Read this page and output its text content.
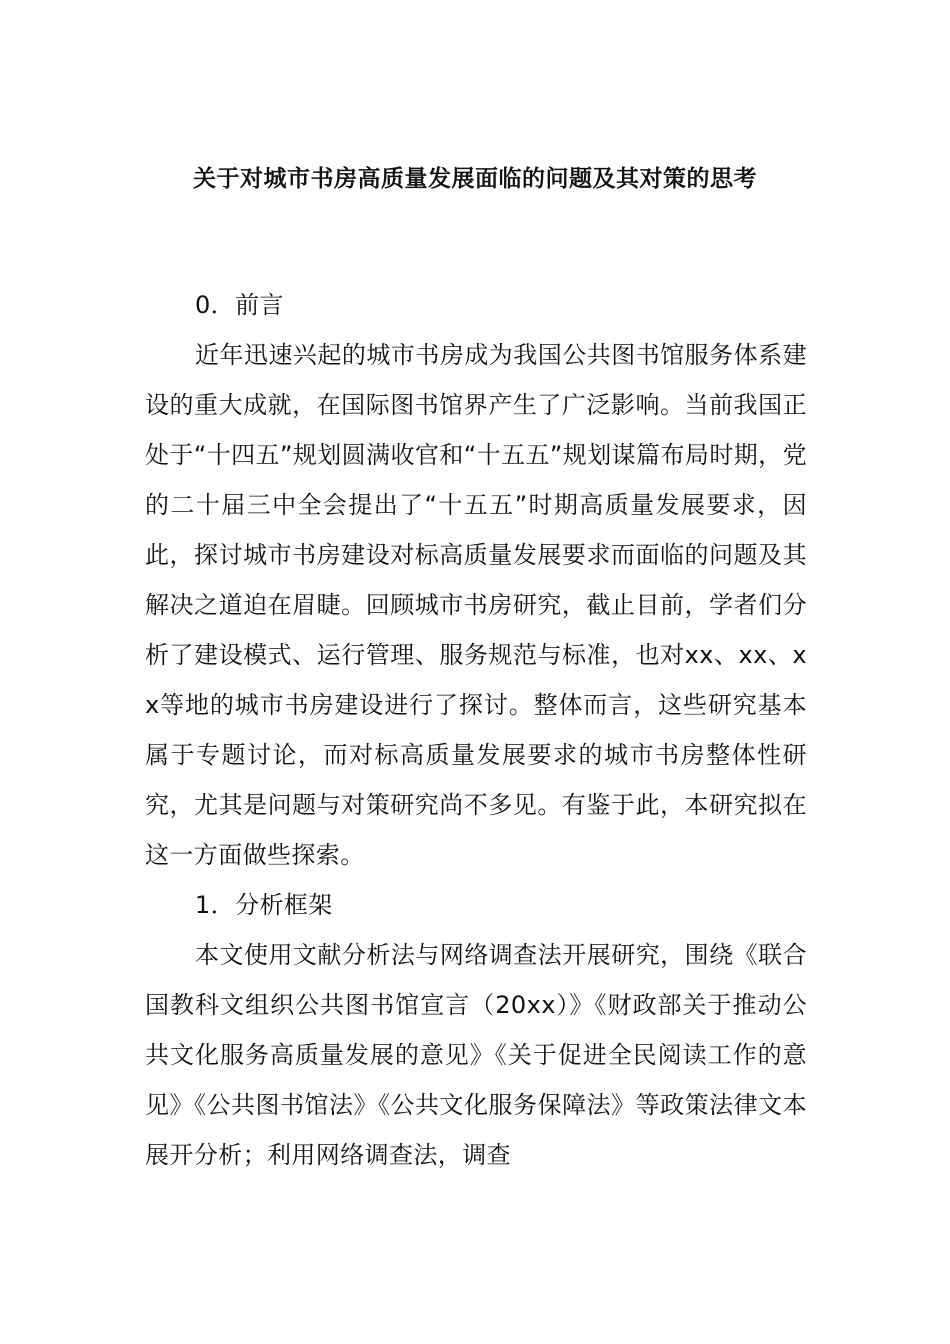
关于对城市书房高质量发展面临的问题及其对策的思考
0．前言

近年迅速兴起的城市书房成为我国公共图书馆服务体系建设的重大成就，在国际图书馆界产生了广泛影响。当前我国正处于“十四五”规划圆满收官和“十五五”规划谋篇布局时期，党的二十届三中全会提出了“十五五”时期高质量发展要求，因此，探讨城市书房建设对标高质量发展要求而面临的问题及其解决之道迫在眉睫。回顾城市书房研究，截止目前，学者们分析了建设模式、运行管理、服务规范与标准，也对xx、xx、xx等地的城市书房建设进行了探讨。整体而言，这些研究基本属于专题讨论，而对标高质量发展要求的城市书房整体性研究，尤其是问题与对策研究尚不多见。有鉴于此，本研究拟在这一方面做些探索。

1．分析框架

本文使用文献分析法与网络调查法开展研究，围绕《联合国教科文组织公共图书馆宣言（20xx）》《财政部关于推动公共文化服务高质量发展的意见》《关于促进全民阅读工作的意见》《公共图书馆法》《公共文化服务保障法》等政策法律文本展开分析；利用网络调查法，调查
